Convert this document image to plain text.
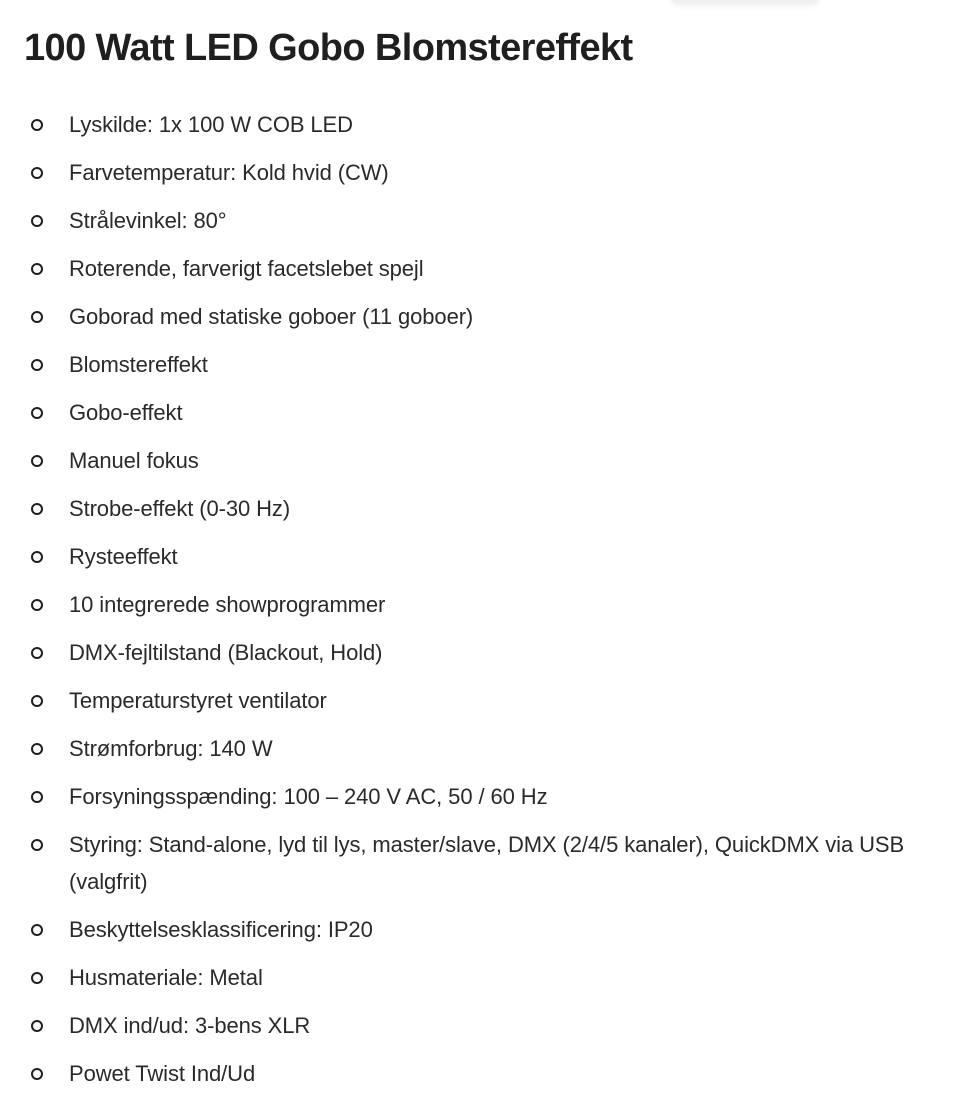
100 Watt LED Gobo Blomstereffekt
Lyskilde: 1x 100 W COB LED
Farvetemperatur: Kold hvid (CW)
Strålevinkel: 80°
Roterende, farverigt facetslebet spejl
Goborad med statiske goboer (11 goboer)
Blomstereffekt
Gobo-effekt
Manuel fokus
Strobe-effekt (0-30 Hz)
Rysteeffekt
10 integrerede showprogrammer
DMX-fejltilstand (Blackout, Hold)
Temperaturstyret ventilator
Strømforbrug: 140 W
Forsyningsspænding: 100 – 240 V AC, 50 / 60 Hz
Styring: Stand-alone, lyd til lys, master/slave, DMX (2/4/5 kanaler), QuickDMX via USB (valgfrit)
Beskyttelsesklassificering: IP20
Husmateriale: Metal
DMX ind/ud: 3-bens XLR
Powet Twist Ind/Ud
